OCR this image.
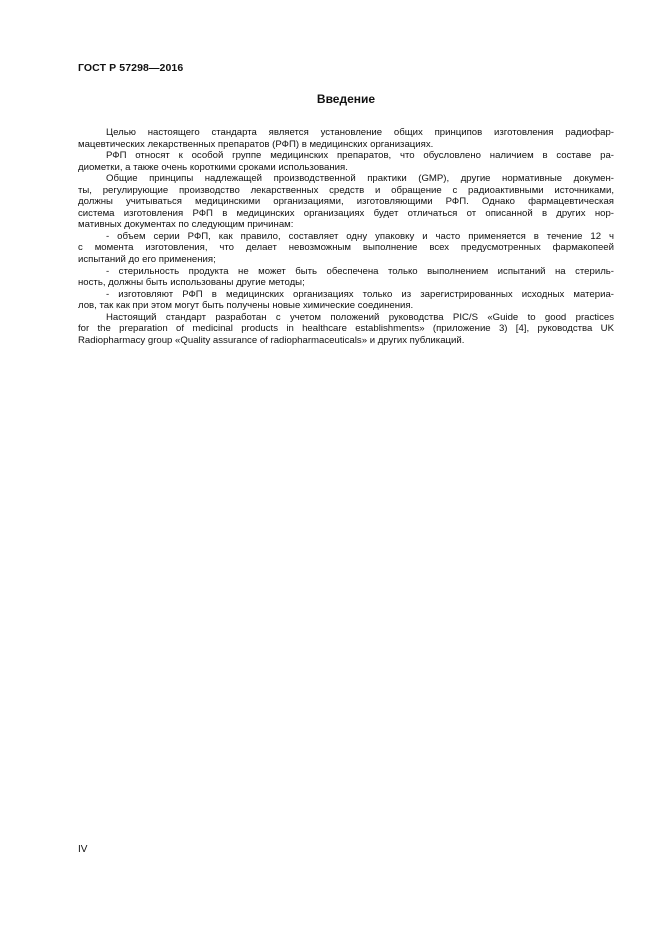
ГОСТ Р 57298—2016
Введение
Целью настоящего стандарта является установление общих принципов изготовления радиофар-
мацевтических лекарственных препаратов (РФП) в медицинских организациях.
РФП относят к особой группе медицинских препаратов, что обусловлено наличием в составе ра-
диометки, а также очень короткими сроками использования.
Общие принципы надлежащей производственной практики (GMP), другие нормативные докумен-
ты, регулирующие производство лекарственных средств и обращение с радиоактивными источниками,
должны учитываться медицинскими организациями, изготовляющими РФП. Однако фармацевтическая
система изготовления РФП в медицинских организациях будет отличаться от описанной в других нор-
мативных документах по следующим причинам:
- объем серии РФП, как правило, составляет одну упаковку и часто применяется в течение 12 ч
с момента изготовления, что делает невозможным выполнение всех предусмотренных фармакопеей
испытаний до его применения;
- стерильность продукта не может быть обеспечена только выполнением испытаний на стериль-
ность, должны быть использованы другие методы;
- изготовляют РФП в медицинских организациях только из зарегистрированных исходных материа-
лов, так как при этом могут быть получены новые химические соединения.
Настоящий стандарт разработан с учетом положений руководства PIC/S «Guide to good practices
for the preparation of medicinal products in healthcare establishments» (приложение 3) [4], руководства UK
Radiopharmacy group «Quality assurance of radiopharmaceuticals» и других публикаций.
IV
